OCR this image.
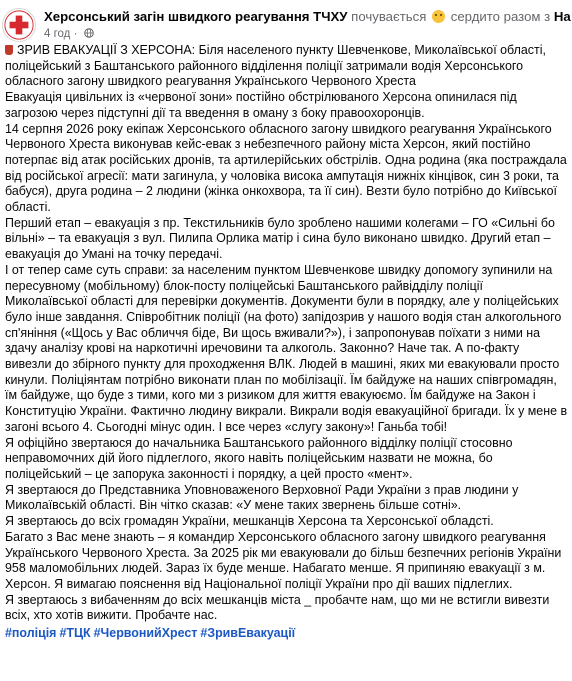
Херсонський загін швидкого реагування ТЧХУ почувається сердито разом з На
4 год ·

ЗРИВ ЕВАКУАЦІЇ З ХЕРСОНА: Біля населеного пункту Шевченкове, Миколаївської області,

поліцейський з Баштанського районного відділення поліції затримали водія Херсонського

обласного загону швидкого реагування Українського Червоного Хреста

Евакуація цивільних із «червоної зони» постійно обстрілюваного Херсона опинилася під

загрозою через підступні дії та введення в оману з боку правоохоронців.

14 серпня 2026 року екіпаж Херсонського обласного загону швидкого реагування Українського

Червоного Хреста виконував кейс-евак з небезпечного району міста Херсон, який постійно

потерпає від атак російських дронів, та артилерійських обстрілів. Одна родина (яка постраждала

від російської агресії: мати загинула, у чоловіка висока ампутація нижніх кінцівок, син 3 роки, та

бабуся), друга родина – 2 людини (жінка онкохвора, та її син). Везти було потрібно до Київської

області.

Перший етап – евакуація з пр. Текстильників було зроблено нашими колегами – ГО «Сильні бо

вільні» – та евакуація з вул. Пилипа Орлика матір і сина було виконано швидко. Другий етап –

евакуація до Умані на точку передачі.

І от тепер саме суть справи: за населеним пунктом Шевченкове швидку допомогу зупинили на

пересувному (мобільному) блок-посту поліцейські Баштанського райвідділу поліції

Миколаївської області для перевірки документів. Документи були в порядку, але у поліцейських

було інше завдання. Співробітник поліції (на фото) запідозрив у нашого водія стан алкогольного

сп'яніння («Щось у Вас обличчя біде, Ви щось вживали?»), і запропонував поїхати з ними на

здачу аналізу крові на наркотичні иречовини та алкоголь. Законно? Наче так. А по-факту

вивезли до збірного пункту для проходження ВЛК. Людей в машині, яких ми евакуювали просто

кинули. Поліціянтам потрібно виконати план по мобілізації. Їм байдуже на наших співгромадян,

їм байдуже, що буде з тими, кого ми з ризиком для життя евакуюємо. Їм байдуже на Закон і

Конституцію України. Фактично людину викрали. Викрали водія евакуаційної бригади. Їх у мене в

загоні всього 4. Сьогодні мінус один. І все через «слугу закону»! Ганьба тобі!

Я офіційно звертаюся до начальника Баштанського районного відділку поліції стосовно

неправомочних дій його підлеглого, якого навіть поліцейським назвати не можна, бо

поліцейський – це запорука законності і порядку, а цей просто «мент».

Я звертаюся до Представника Уповноваженого Верховної Ради України з прав людини у

Миколаївській області. Він чітко сказав: «У мене таких звернень більше сотні».

Я звертаюсь до всіх громадян України, мешканців Херсона та Херсонської обладсті.

Багато з Вас мене знають – я командир Херсонського обласного загону швидкого реагування

Українського Червоного Хреста. За 2025 рік ми евакуювали до більш безпечних регіонів України

958 маломобільних людей. Зараз їх буде менше. Набагато менше. Я припиняю евакуації з м.

Херсон. Я вимагаю пояснення від Національної поліції України про дії ваших підлеглих.

Я звертаюсь з вибаченням до всіх мешканців міста _ пробачте нам, що ми не встигли вивезти

всіх, хто хотів вижити. Пробачте нас.

#поліція #ТЦК #ЧервонийХрест #ЗривЕвакуації
